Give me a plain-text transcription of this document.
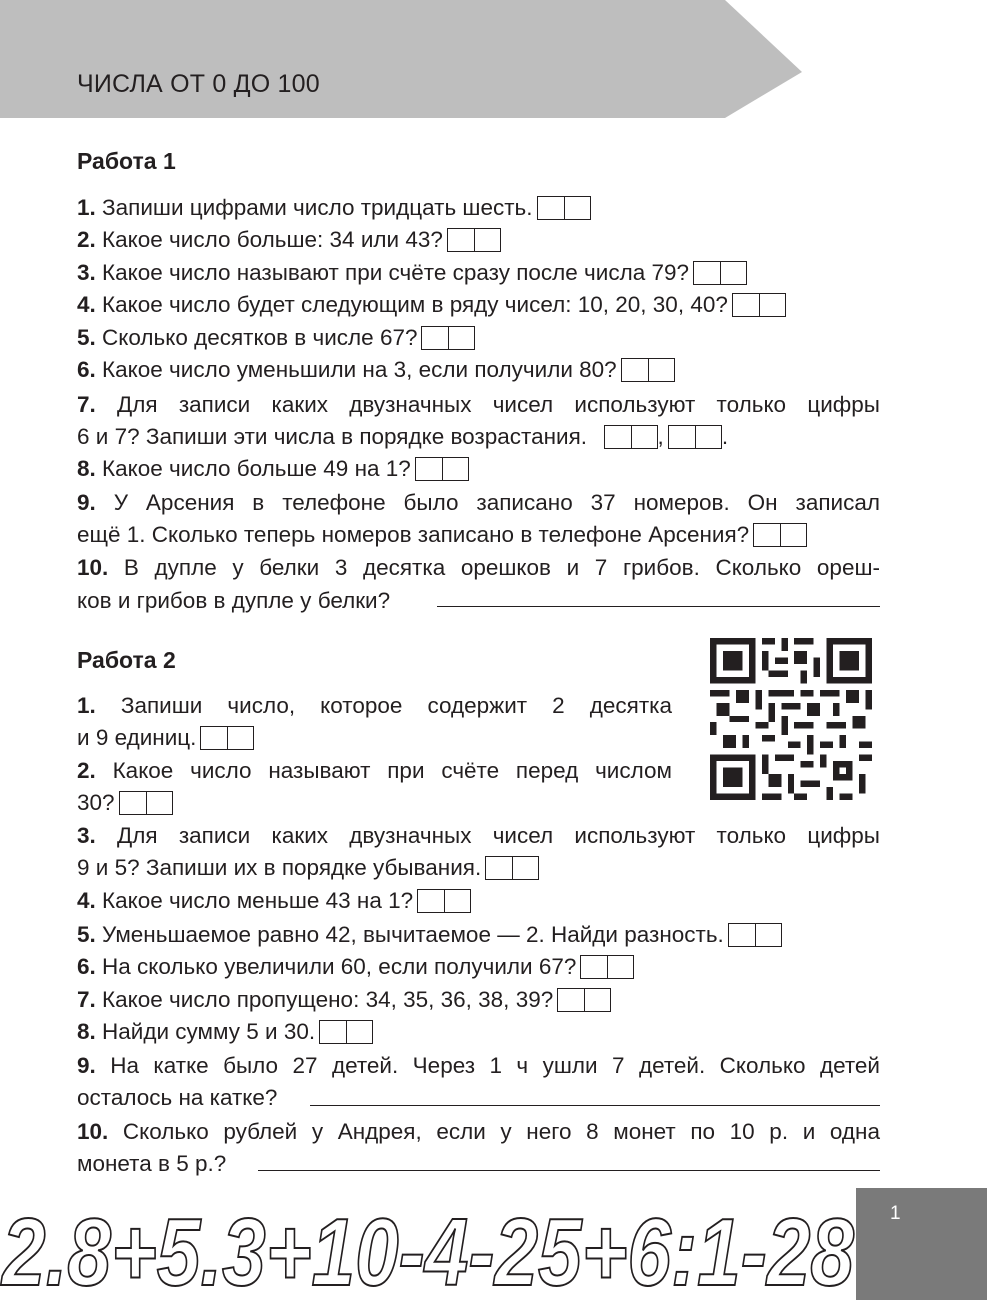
ЧИСЛА ОТ 0 ДО 100
Работа 1
1. Запиши цифрами число тридцать шесть.
2. Какое число больше: 34 или 43?
3. Какое число называют при счёте сразу после числа 79?
4. Какое число будет следующим в ряду чисел: 10, 20, 30, 40?
5. Сколько десятков в числе 67?
6. Какое число уменьшили на 3, если получили 80?
7. Для записи каких двузначных чисел используют только цифры
6 и 7? Запиши эти числа в порядке возрастания.	,	.
8. Какое число больше 49 на 1?
9. У Арсения в телефоне было записано 37 номеров. Он записал
ещё 1. Сколько теперь номеров записано в телефоне Арсения?
10. В дупле у белки 3 десятка орешков и 7 грибов. Сколько ореш-
ков и грибов в дупле у белки?
Работа 2
1. Запиши число, которое содержит 2 десятка
и 9 единиц.
2. Какое число называют при счёте перед числом
30?
3. Для записи каких двузначных чисел используют только цифры
9 и 5? Запиши их в порядке убывания.
4. Какое число меньше 43 на 1?
5. Уменьшаемое равно 42, вычитаемое — 2. Найди разность.
6. На сколько увеличили 60, если получили 67?
7. Какое число пропущено: 34, 35, 36, 38, 39?
8. Найди сумму 5 и 30.
9. На катке было 27 детей. Через 1 ч ушли 7 детей. Сколько детей
осталось на катке?
10. Сколько рублей у Андрея, если у него 8 монет по 10 р. и одна
монета в 5 р.?
2.8+5.3+10-4-25+6:1-28 1
